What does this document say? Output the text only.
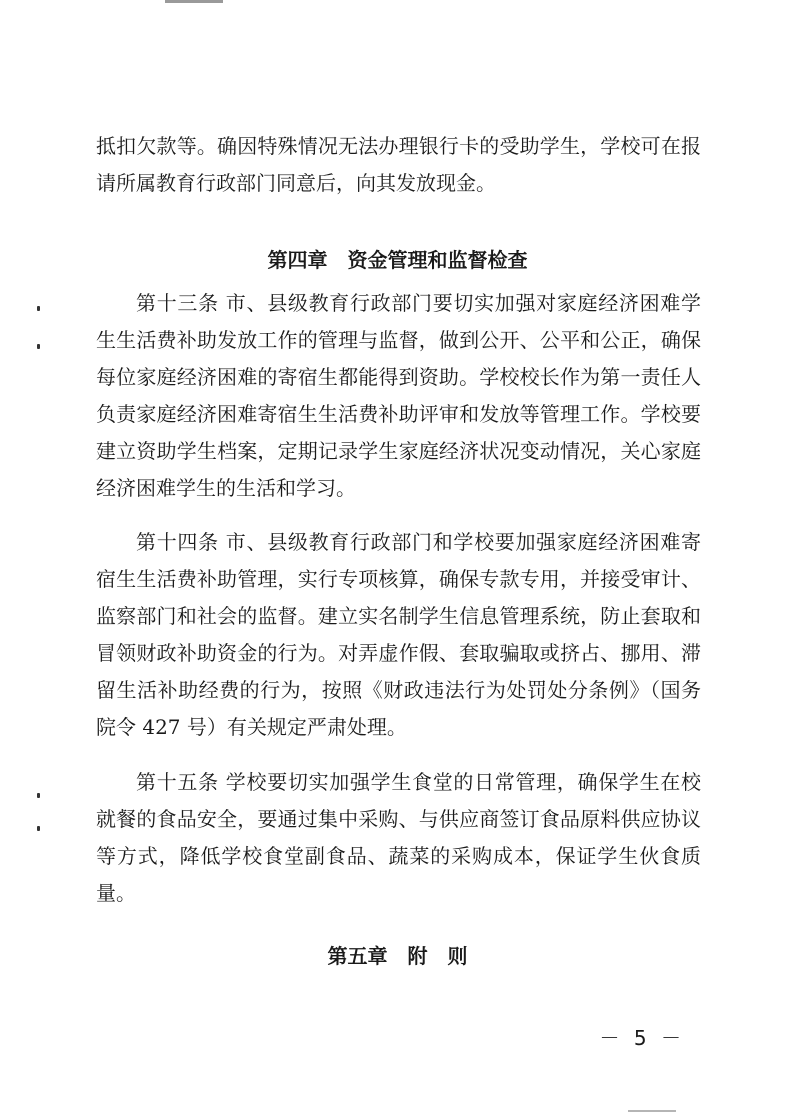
抵扣欠款等。确因特殊情况无法办理银行卡的受助学生，学校可在报请所属教育行政部门同意后，向其发放现金。
第四章　资金管理和监督检查
第十三条 市、县级教育行政部门要切实加强对家庭经济困难学生生活费补助发放工作的管理与监督，做到公开、公平和公正，确保每位家庭经济困难的寄宿生都能得到资助。学校校长作为第一责任人负责家庭经济困难寄宿生生活费补助评审和发放等管理工作。学校要建立资助学生档案，定期记录学生家庭经济状况变动情况，关心家庭经济困难学生的生活和学习。
第十四条 市、县级教育行政部门和学校要加强家庭经济困难寄宿生生活费补助管理，实行专项核算，确保专款专用，并接受审计、监察部门和社会的监督。建立实名制学生信息管理系统，防止套取和冒领财政补助资金的行为。对弄虚作假、套取骗取或挤占、挪用、滞留生活补助经费的行为，按照《财政违法行为处罚处分条例》（国务院令 427 号）有关规定严肃处理。
第十五条 学校要切实加强学生食堂的日常管理，确保学生在校就餐的食品安全，要通过集中采购、与供应商签订食品原料供应协议等方式，降低学校食堂副食品、蔬菜的采购成本，保证学生伙食质量。
第五章　附　则
－ 5 －
